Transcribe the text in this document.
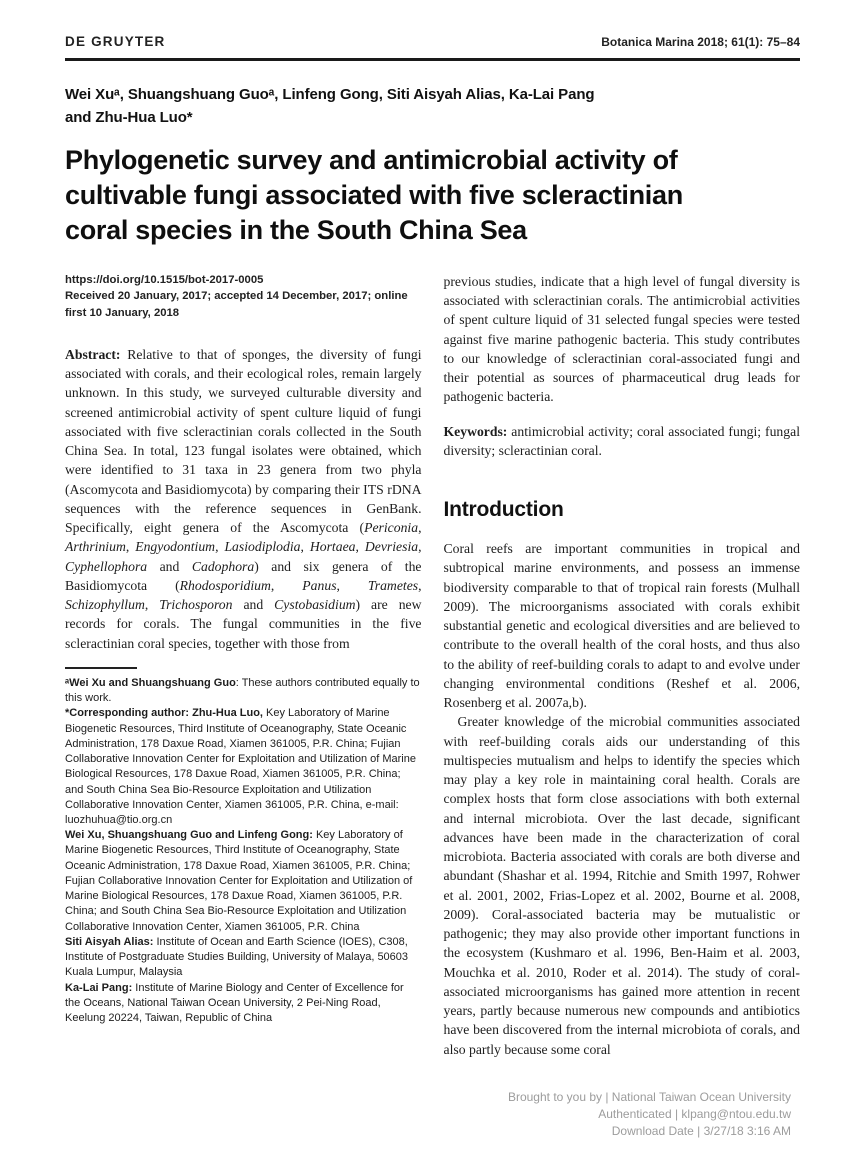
DE GRUYTER	Botanica Marina 2018; 61(1): 75–84
Wei Xuᵃ, Shuangshuang Guoᵃ, Linfeng Gong, Siti Aisyah Alias, Ka-Lai Pang
and Zhu-Hua Luo*
Phylogenetic survey and antimicrobial activity of
cultivable fungi associated with five scleractinian
coral species in the South China Sea
https://doi.org/10.1515/bot-2017-0005
Received 20 January, 2017; accepted 14 December, 2017; online first 10 January, 2018

Abstract: Relative to that of sponges, the diversity of fungi associated with corals, and their ecological roles, remain largely unknown. In this study, we surveyed culturable diversity and screened antimicrobial activity of spent culture liquid of fungi associated with five scleractinian corals collected in the South China Sea. In total, 123 fungal isolates were obtained, which were identified to 31 taxa in 23 genera from two phyla (Ascomycota and Basidiomycota) by comparing their ITS rDNA sequences with the reference sequences in GenBank. Specifically, eight genera of the Ascomycota (Periconia, Arthrinium, Engyodontium, Lasiodiplodia, Hortaea, Devriesia, Cyphellophora and Cadophora) and six genera of the Basidiomycota (Rhodosporidium, Panus, Trametes, Schizophyllum, Trichosporon and Cystobasidium) are new records for corals. The fungal communities in the five scleractinian coral species, together with those from

ᵃWei Xu and Shuangshuang Guo: These authors contributed equally to this work.
*Corresponding author: Zhu-Hua Luo, Key Laboratory of Marine Biogenetic Resources, Third Institute of Oceanography, State Oceanic Administration, 178 Daxue Road, Xiamen 361005, P.R. China; Fujian Collaborative Innovation Center for Exploitation and Utilization of Marine Biological Resources, 178 Daxue Road, Xiamen 361005, P.R. China; and South China Sea Bio-Resource Exploitation and Utilization Collaborative Innovation Center, Xiamen 361005, P.R. China, e-mail: luozhuhua@tio.org.cn
Wei Xu, Shuangshuang Guo and Linfeng Gong: Key Laboratory of Marine Biogenetic Resources, Third Institute of Oceanography, State Oceanic Administration, 178 Daxue Road, Xiamen 361005, P.R. China; Fujian Collaborative Innovation Center for Exploitation and Utilization of Marine Biological Resources, 178 Daxue Road, Xiamen 361005, P.R. China; and South China Sea Bio-Resource Exploitation and Utilization Collaborative Innovation Center, Xiamen 361005, P.R. China
Siti Aisyah Alias: Institute of Ocean and Earth Science (IOES), C308, Institute of Postgraduate Studies Building, University of Malaya, 50603 Kuala Lumpur, Malaysia
Ka-Lai Pang: Institute of Marine Biology and Center of Excellence for the Oceans, National Taiwan Ocean University, 2 Pei-Ning Road, Keelung 20224, Taiwan, Republic of China

previous studies, indicate that a high level of fungal diversity is associated with scleractinian corals. The antimicrobial activities of spent culture liquid of 31 selected fungal species were tested against five marine pathogenic bacteria. This study contributes to our knowledge of scleractinian coral-associated fungi and their potential as sources of pharmaceutical drug leads for pathogenic bacteria.

Keywords: antimicrobial activity; coral associated fungi; fungal diversity; scleractinian coral.

Introduction

Coral reefs are important communities in tropical and subtropical marine environments, and possess an immense biodiversity comparable to that of tropical rain forests (Mulhall 2009). The microorganisms associated with corals exhibit substantial genetic and ecological diversities and are believed to contribute to the overall health of the coral hosts, and thus also to the ability of reef-building corals to adapt to and evolve under changing environmental conditions (Reshef et al. 2006, Rosenberg et al. 2007a,b).

Greater knowledge of the microbial communities associated with reef-building corals aids our understanding of this multispecies mutualism and helps to identify the species which may play a key role in maintaining coral health. Corals are complex hosts that form close associations with both external and internal microbiota. Over the last decade, significant advances have been made in the characterization of coral microbiota. Bacteria associated with corals are both diverse and abundant (Shashar et al. 1994, Ritchie and Smith 1997, Rohwer et al. 2001, 2002, Frias-Lopez et al. 2002, Bourne et al. 2008, 2009). Coral-associated bacteria may be mutualistic or pathogenic; they may also provide other important functions in the ecosystem (Kushmaro et al. 1996, Ben-Haim et al. 2003, Mouchka et al. 2010, Roder et al. 2014). The study of coral-associated microorganisms has gained more attention in recent years, partly because numerous new compounds and antibiotics have been discovered from the internal microbiota of corals, and also partly because some coral

Brought to you by | National Taiwan Ocean University
Authenticated | klpang@ntou.edu.tw
Download Date | 3/27/18 3:16 AM
